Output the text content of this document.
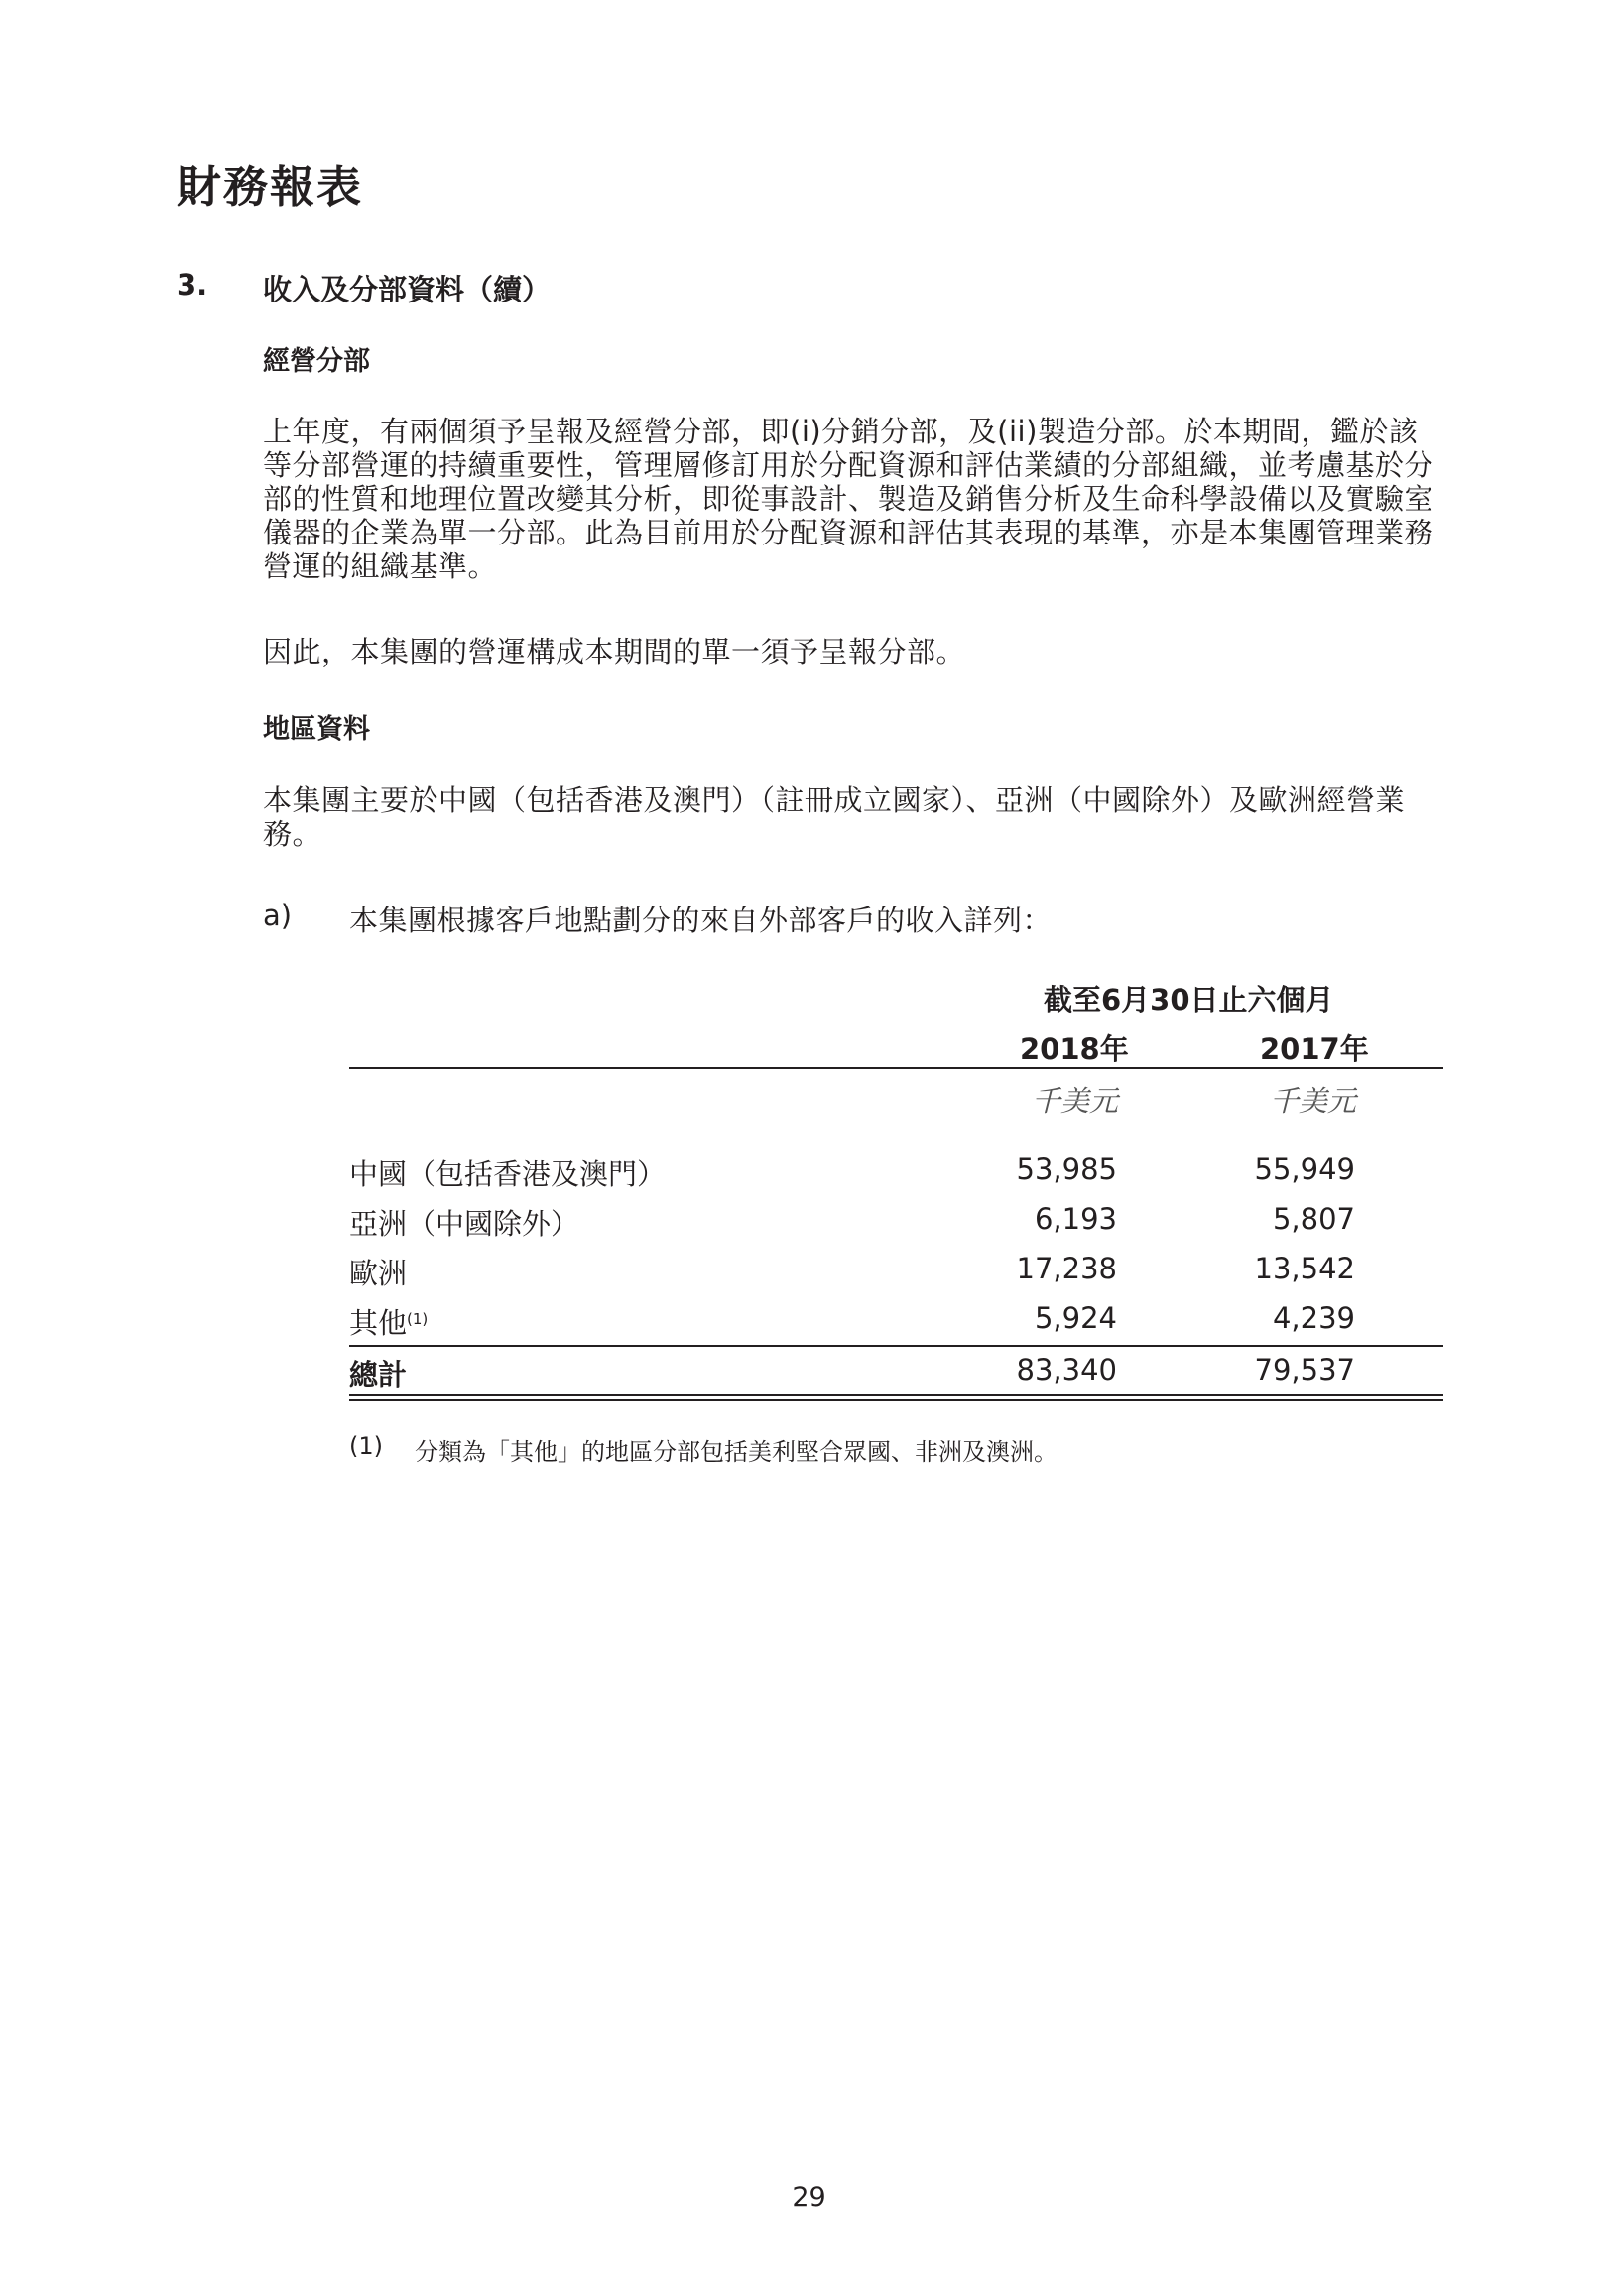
財務報表
3. 收入及分部資料（續）
經營分部
上年度，有兩個須予呈報及經營分部，即(i)分銷分部，及(ii)製造分部。於本期間，鑑於該等分部營運的持續重要性，管理層修訂用於分配資源和評估業績的分部組織，並考慮基於分部的性質和地理位置改變其分析，即從事設計、製造及銷售分析及生命科學設備以及實驗室儀器的企業為單一分部。此為目前用於分配資源和評估其表現的基準，亦是本集團管理業務營運的組織基準。
因此，本集團的營運構成本期間的單一須予呈報分部。
地區資料
本集團主要於中國（包括香港及澳門）（註冊成立國家）、亞洲（中國除外）及歐洲經營業務。
a) 本集團根據客戶地點劃分的來自外部客戶的收入詳列：
截至6月30日止六個月
2018年	2017年
千美元	千美元
中國（包括香港及澳門）	53,985	55,949
亞洲（中國除外）	6,193	5,807
歐洲	17,238	13,542
其他$^{(1)}$	5,924	4,239
總計	83,340	79,537
(1) 分類為「其他」的地區分部包括美利堅合眾國、非洲及澳洲。
29
